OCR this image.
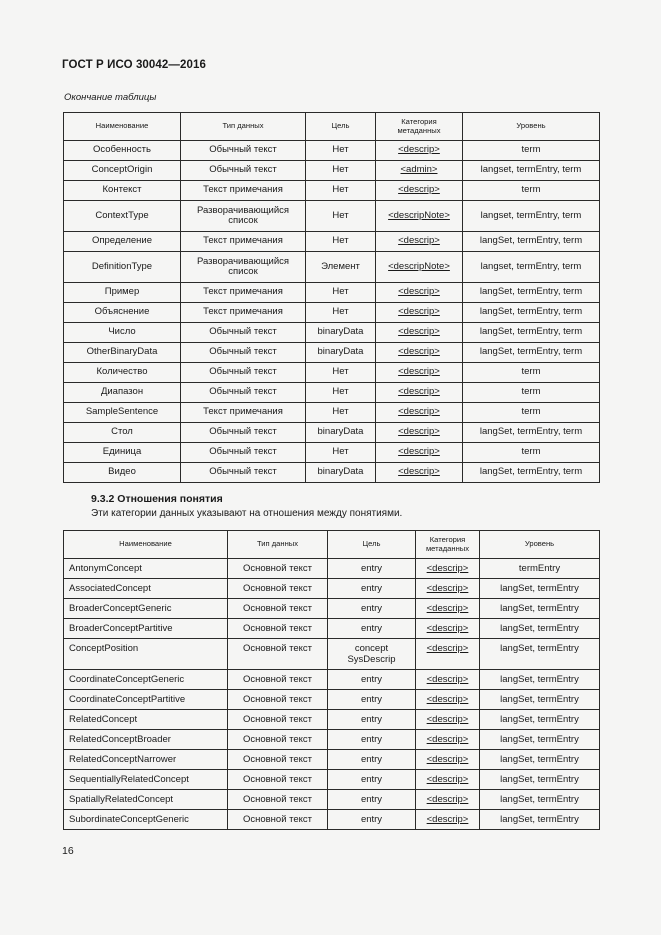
ГОСТ Р ИСО 30042—2016
Окончание таблицы
Наименование	Тип данных	Цель	Категория метаданных	Уровень
Особенность	Обычный текст	Нет	<descrip>	term
ConceptOrigin	Обычный текст	Нет	<admin>	langset, termEntry, term
Контекст	Текст примечания	Нет	<descrip>	term
ContextType	Разворачивающийся список	Нет	<descripNote>	langset, termEntry, term
Определение	Текст примечания	Нет	<descrip>	langSet, termEntry, term
DefinitionType	Разворачивающийся список	Элемент	<descripNote>	langset, termEntry, term
Пример	Текст примечания	Нет	<descrip>	langSet, termEntry, term
Объяснение	Текст примечания	Нет	<descrip>	langSet, termEntry, term
Число	Обычный текст	binaryData	<descrip>	langSet, termEntry, term
OtherBinaryData	Обычный текст	binaryData	<descrip>	langSet, termEntry, term
Количество	Обычный текст	Нет	<descrip>	term
Диапазон	Обычный текст	Нет	<descrip>	term
SampleSentence	Текст примечания	Нет	<descrip>	term
Стол	Обычный текст	binaryData	<descrip>	langSet, termEntry, term
Единица	Обычный текст	Нет	<descrip>	term
Видео	Обычный текст	binaryData	<descrip>	langSet, termEntry, term
9.3.2 Отношения понятия
Эти категории данных указывают на отношения между понятиями.
Наименование	Тип данных	Цель	Категория метаданных	Уровень
AntonymConcept	Основной текст	entry	<descrip>	termEntry
AssociatedConcept	Основной текст	entry	<descrip>	langSet, termEntry
BroaderConceptGeneric	Основной текст	entry	<descrip>	langSet, termEntry
BroaderConceptPartitive	Основной текст	entry	<descrip>	langSet, termEntry
ConceptPosition	Основной текст	concept SysDescrip	<descrip>	langSet, termEntry
CoordinateConceptGeneric	Основной текст	entry	<descrip>	langSet, termEntry
CoordinateConceptPartitive	Основной текст	entry	<descrip>	langSet, termEntry
RelatedConcept	Основной текст	entry	<descrip>	langSet, termEntry
RelatedConceptBroader	Основной текст	entry	<descrip>	langSet, termEntry
RelatedConceptNarrower	Основной текст	entry	<descrip>	langSet, termEntry
SequentiallyRelatedConcept	Основной текст	entry	<descrip>	langSet, termEntry
SpatiallyRelatedConcept	Основной текст	entry	<descrip>	langSet, termEntry
SubordinateConceptGeneric	Основной текст	entry	<descrip>	langSet, termEntry
16
